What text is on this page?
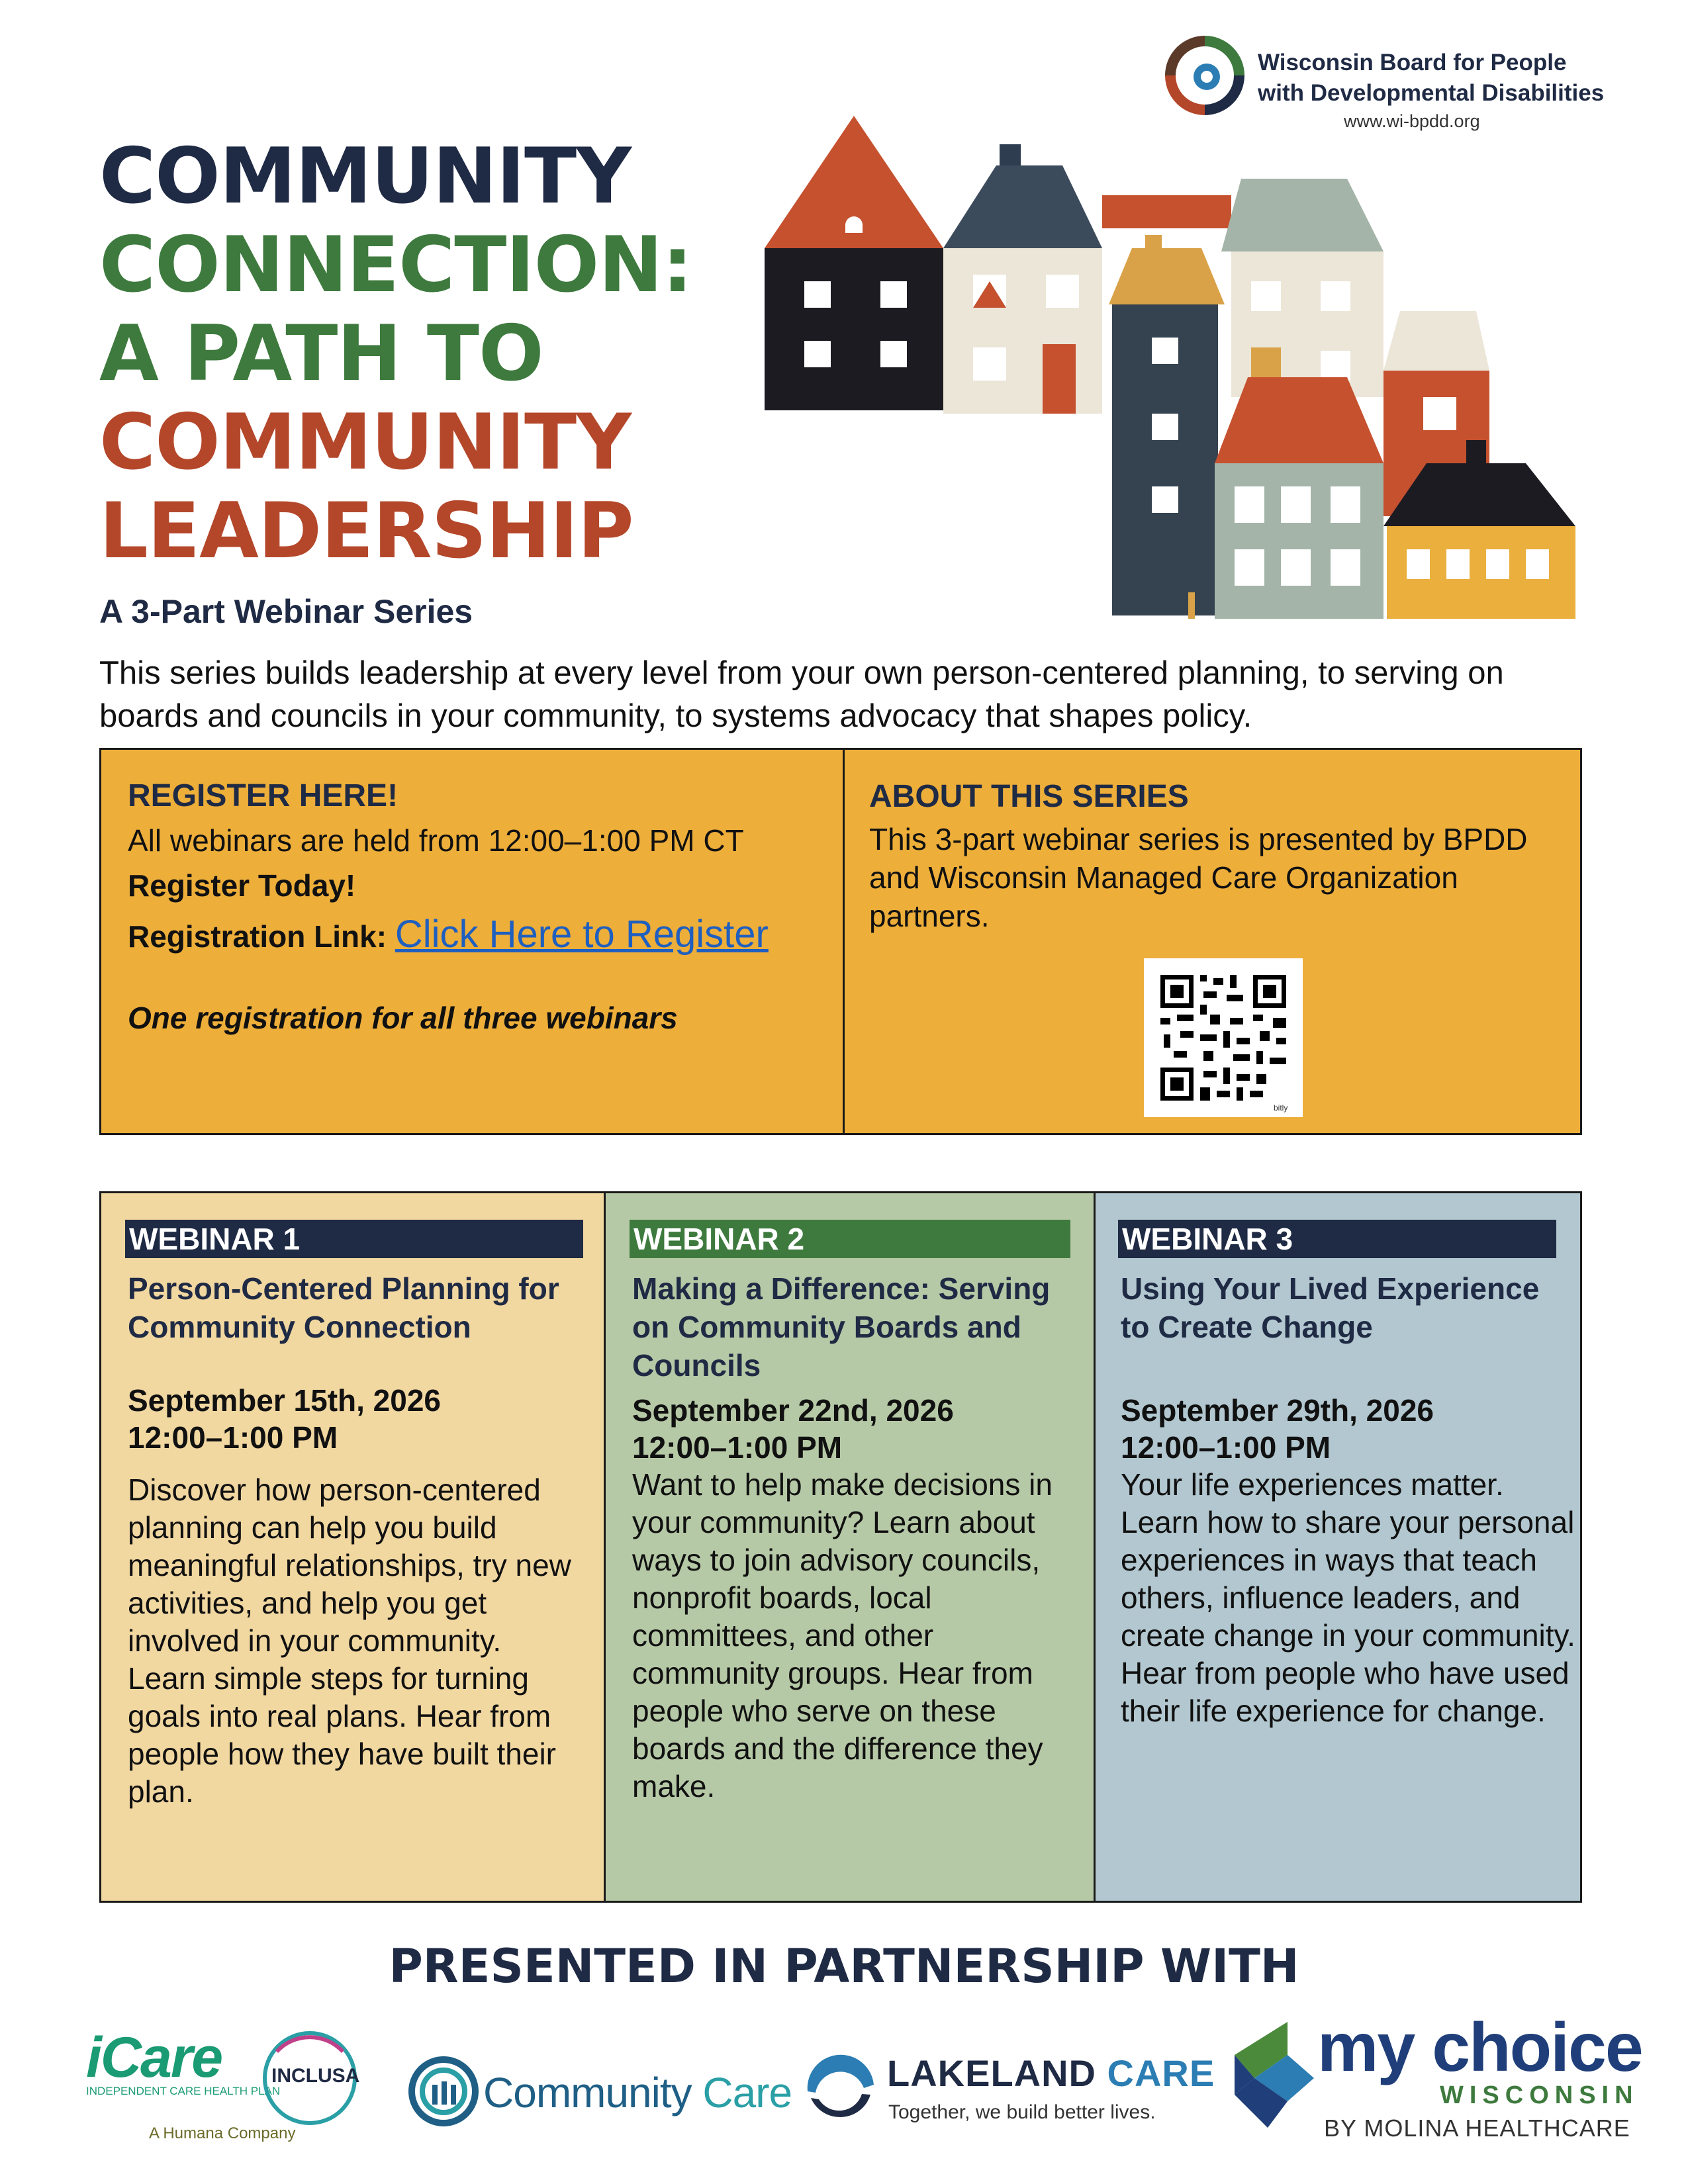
Wisconsin Board for People
with Developmental Disabilities
www.wi-bpdd.org
COMMUNITY
CONNECTION:
A PATH TO
COMMUNITY
LEADERSHIP
A 3-Part Webinar Series
This series builds leadership at every level from your own person-centered planning, to serving on boards and councils in your community, to systems advocacy that shapes policy.
REGISTER HERE!
All webinars are held from 12:00–1:00 PM CT
Register Today!
Registration Link: Click Here to Register
One registration for all three webinars
ABOUT THIS SERIES
This 3-part webinar series is presented by BPDD and Wisconsin Managed Care Organization partners.
bitly
WEBINAR 1
Person-Centered Planning for Community Connection
September 15th, 2026
12:00–1:00 PM
Discover how person-centered planning can help you build meaningful relationships, try new activities, and help you get involved in your community. Learn simple steps for turning goals into real plans. Hear from people how they have built their plan.
WEBINAR 2
Making a Difference: Serving on Community Boards and Councils
September 22nd, 2026
12:00–1:00 PM
Want to help make decisions in your community? Learn about ways to join advisory councils, nonprofit boards, local committees, and other community groups. Hear from people who serve on these boards and the difference they make.
WEBINAR 3
Using Your Lived Experience to Create Change
September 29th, 2026
12:00–1:00 PM
Your life experiences matter. Learn how to share your personal experiences in ways that teach others, influence leaders, and create change in your community. Hear from people who have used their life experience for change.
PRESENTED IN PARTNERSHIP WITH
iCare
INDEPENDENT CARE HEALTH PLAN
A Humana Company
INCLUSA	Community Care	LAKELAND CARE
Together, we build better lives.
my choice
WISCONSIN
BY MOLINA HEALTHCARE
